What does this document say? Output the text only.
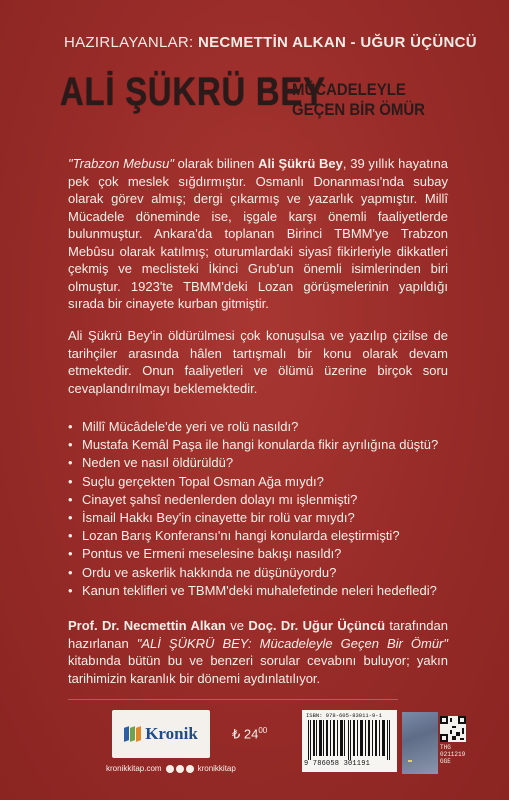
HAZIRLAYANLAR: NECMETTİN ALKAN - UĞUR ÜÇÜNCÜ
ALİ ŞÜKRÜ BEY
MÜCADELEYLE
GEÇEN BİR ÖMÜR

"Trabzon Mebusu" olarak bilinen Ali Şükrü Bey, 39 yıllık hayatına pek çok meslek sığdırmıştır. Osmanlı Donanması'nda subay olarak görev almış; dergi çıkarmış ve yazarlık yapmıştır. Millî Mücadele döneminde ise, işgale karşı önemli faaliyetlerde bulunmuştur. Ankara'da toplanan Birinci TBMM'ye Trabzon Mebûsu olarak katılmış; oturumlardaki siyasî fikirleriyle dikkatleri çekmiş ve meclisteki İkinci Grub'un önemli isimlerinden biri olmuştur. 1923'te TBMM'deki Lozan görüşmelerinin yapıldığı sırada bir cinayete kurban gitmiştir.

Ali Şükrü Bey'in öldürülmesi çok konuşulsa ve yazılıp çizilse de tarihçiler arasında hâlen tartışmalı bir konu olarak devam etmektedir. Onun faaliyetleri ve ölümü üzerine birçok soru cevaplandırılmayı beklemektedir.

• Millî Mücâdele'de yeri ve rolü nasıldı?
• Mustafa Kemâl Paşa ile hangi konularda fikir ayrılığına düştü?
• Neden ve nasıl öldürüldü?
• Suçlu gerçekten Topal Osman Ağa mıydı?
• Cinayet şahsî nedenlerden dolayı mı işlenmişti?
• İsmail Hakkı Bey'in cinayette bir rolü var mıydı?
• Lozan Barış Konferansı'nı hangi konularda eleştirmişti?
• Pontus ve Ermeni meselesine bakışı nasıldı?
• Ordu ve askerlik hakkında ne düşünüyordu?
• Kanun teklifleri ve TBMM'deki muhalefetinde neleri hedefledi?

Prof. Dr. Necmettin Alkan ve Doç. Dr. Uğur Üçüncü tarafından hazırlanan "ALİ ŞÜKRÜ BEY: Mücadeleyle Geçen Bir Ömür" kitabında bütün bu ve benzeri sorular cevabını buluyor; yakın tarihimizin karanlık bir dönemi aydınlatılıyor.

Kronik	₺ $24^{00}$
kronikkitap.com	kronikkitap
ISBN: 978-605-83011-9-1
9 786058 301191
THG 0211219 GGE
